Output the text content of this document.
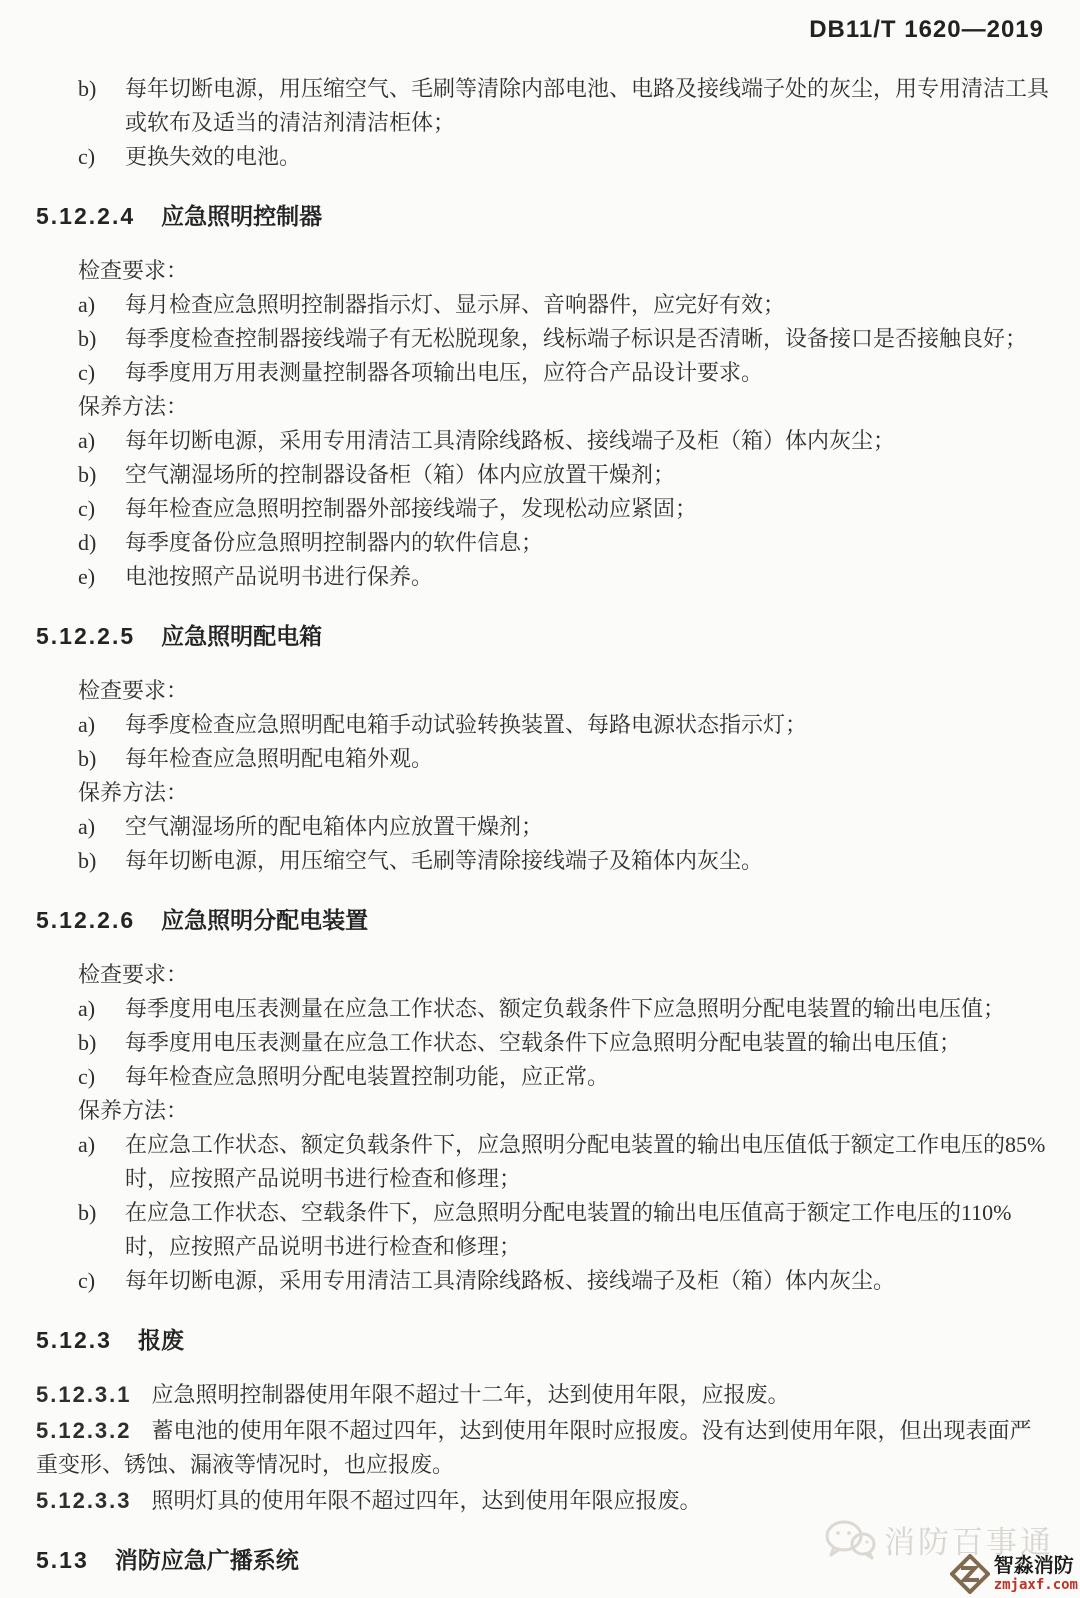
DB11/T 1620—2019
b)	每年切断电源，用压缩空气、毛刷等清除内部电池、电路及接线端子处的灰尘，用专用清洁工具或软布及适当的清洁剂清洁柜体；
c)	更换失效的电池。
5.12.2.4 应急照明控制器
检查要求：
a)	每月检查应急照明控制器指示灯、显示屏、音响器件，应完好有效；
b)	每季度检查控制器接线端子有无松脱现象，线标端子标识是否清晰，设备接口是否接触良好；
c)	每季度用万用表测量控制器各项输出电压，应符合产品设计要求。
保养方法：
a)	每年切断电源，采用专用清洁工具清除线路板、接线端子及柜（箱）体内灰尘；
b)	空气潮湿场所的控制器设备柜（箱）体内应放置干燥剂；
c)	每年检查应急照明控制器外部接线端子，发现松动应紧固；
d)	每季度备份应急照明控制器内的软件信息；
e)	电池按照产品说明书进行保养。
5.12.2.5 应急照明配电箱
检查要求：
a)	每季度检查应急照明配电箱手动试验转换装置、每路电源状态指示灯；
b)	每年检查应急照明配电箱外观。
保养方法：
a)	空气潮湿场所的配电箱体内应放置干燥剂；
b)	每年切断电源，用压缩空气、毛刷等清除接线端子及箱体内灰尘。
5.12.2.6 应急照明分配电装置
检查要求：
a)	每季度用电压表测量在应急工作状态、额定负载条件下应急照明分配电装置的输出电压值；
b)	每季度用电压表测量在应急工作状态、空载条件下应急照明分配电装置的输出电压值；
c)	每年检查应急照明分配电装置控制功能，应正常。
保养方法：
a)	在应急工作状态、额定负载条件下，应急照明分配电装置的输出电压值低于额定工作电压的85%时，应按照产品说明书进行检查和修理；
b)	在应急工作状态、空载条件下，应急照明分配电装置的输出电压值高于额定工作电压的110%时，应按照产品说明书进行检查和修理；
c)	每年切断电源，采用专用清洁工具清除线路板、接线端子及柜（箱）体内灰尘。
5.12.3 报废
5.12.3.1 应急照明控制器使用年限不超过十二年，达到使用年限，应报废。
5.12.3.2 蓄电池的使用年限不超过四年，达到使用年限时应报废。没有达到使用年限，但出现表面严重变形、锈蚀、漏液等情况时，也应报废。
5.12.3.3 照明灯具的使用年限不超过四年，达到使用年限应报废。
5.13 消防应急广播系统	消防百事通
智淼消防
zmjaxf.com
